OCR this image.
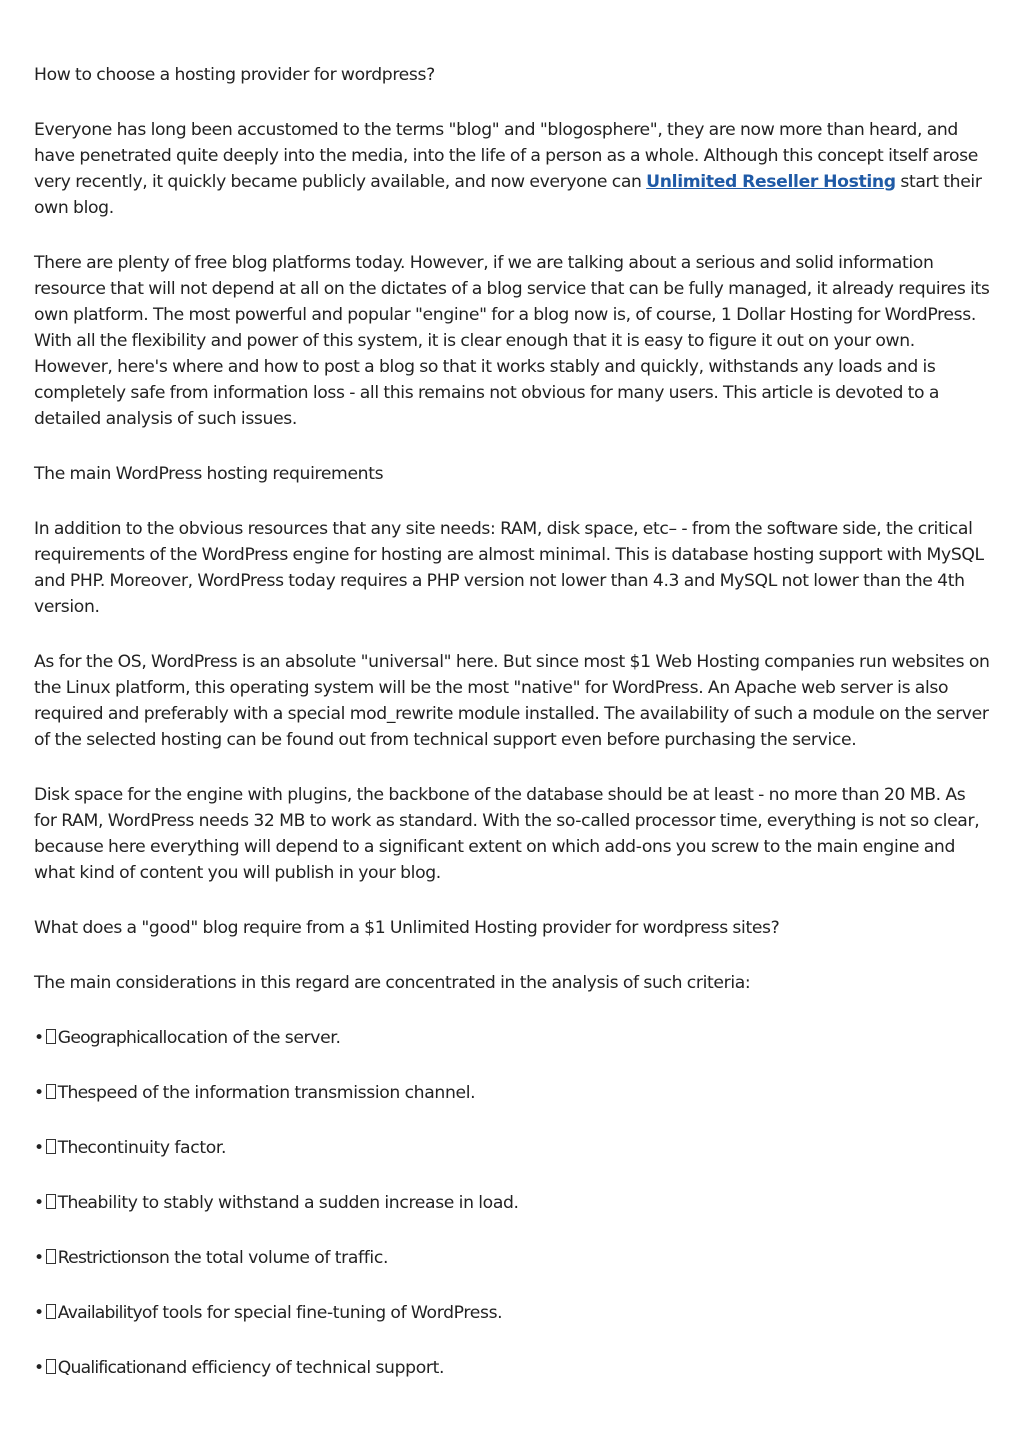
How to choose a hosting provider for wordpress?

Everyone has long been accustomed to the terms "blog" and "blogosphere", they are now more than heard, and have penetrated quite deeply into the media, into the life of a person as a whole. Although this concept itself arose very recently, it quickly became publicly available, and now everyone can Unlimited Reseller Hosting start their own blog.

There are plenty of free blog platforms today. However, if we are talking about a serious and solid information resource that will not depend at all on the dictates of a blog service that can be fully managed, it already requires its own platform. The most powerful and popular "engine" for a blog now is, of course, 1 Dollar Hosting for WordPress. With all the flexibility and power of this system, it is clear enough that it is easy to figure it out on your own. However, here's where and how to post a blog so that it works stably and quickly, withstands any loads and is completely safe from information loss - all this remains not obvious for many users. This article is devoted to a detailed analysis of such issues.

The main WordPress hosting requirements

In addition to the obvious resources that any site needs: RAM, disk space, etc– - from the software side, the critical requirements of the WordPress engine for hosting are almost minimal. This is database hosting support with MySQL and PHP. Moreover, WordPress today requires a PHP version not lower than 4.3 and MySQL not lower than the 4th version.

As for the OS, WordPress is an absolute "universal" here. But since most $1 Web Hosting companies run websites on the Linux platform, this operating system will be the most "native" for WordPress. An Apache web server is also required and preferably with a special mod_rewrite module installed. The availability of such a module on the server of the selected hosting can be found out from technical support even before purchasing the service.

Disk space for the engine with plugins, the backbone of the database should be at least - no more than 20 MB. As for RAM, WordPress needs 32 MB to work as standard. With the so-called processor time, everything is not so clear, because here everything will depend to a significant extent on which add-ons you screw to the main engine and what kind of content you will publish in your blog.

What does a "good" blog require from a $1 Unlimited Hosting provider for wordpress sites?

The main considerations in this regard are concentrated in the analysis of such criteria:

• Geographicallocation of the server.

• Thespeed of the information transmission channel.

• Thecontinuity factor.

• Theability to stably withstand a sudden increase in load.

• Restrictionson the total volume of traffic.

• Availabilityof tools for special fine-tuning of WordPress.

• Qualificationand efficiency of technical support.
